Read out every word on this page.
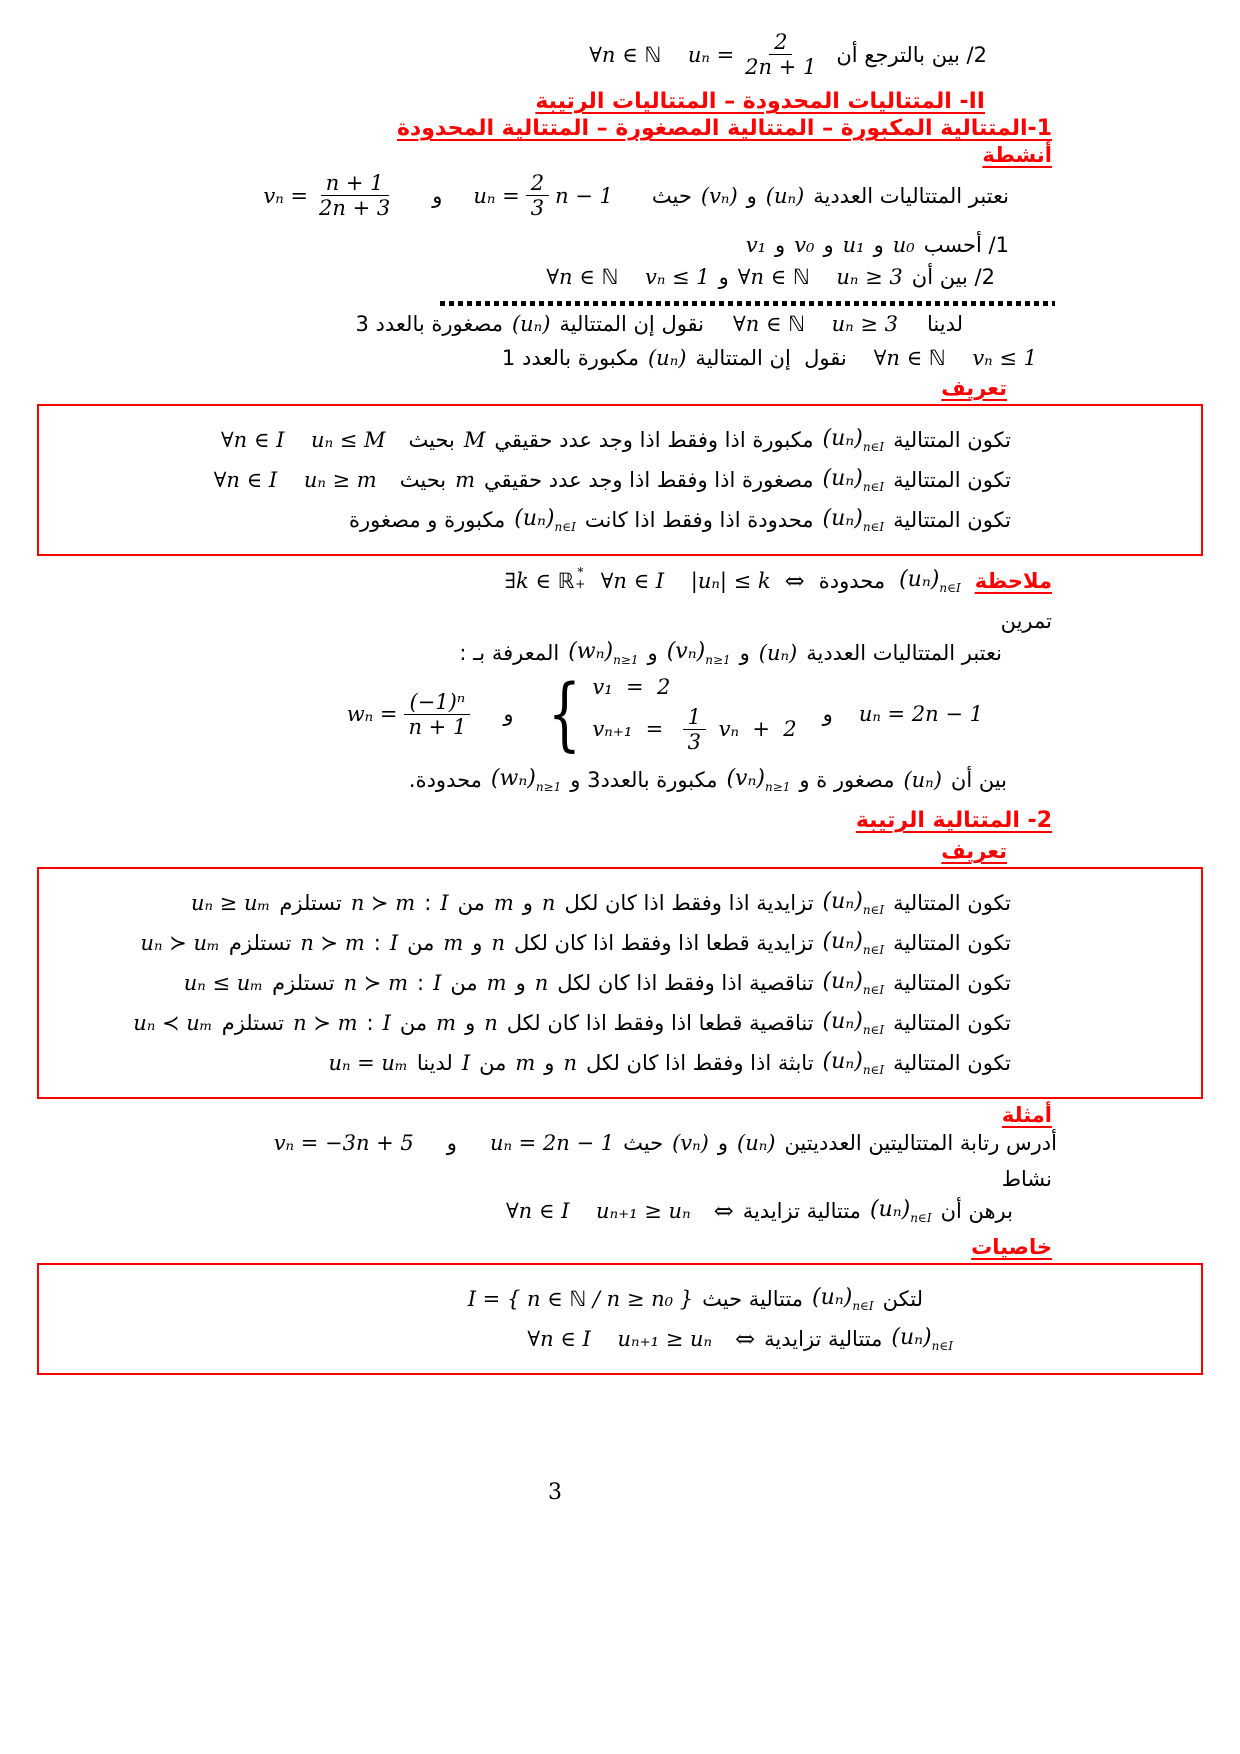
2/ بين بالترجع أن
∀n ∈ ℕ    $u_n = \frac{2}{2n + 1}$
II- المتتاليات المحدودة – المتتاليات الرتيبة
1-المتتالية المكبورة – المتتالية المصغورة – المتتالية المحدودة
أنشطة
نعتبر المتتاليات العددية
(uₙ)
و
(vₙ)
حيث
$u_n = \frac{2}{3}$ n − 1
و
$v_n = \frac{n + 1}{2n + 3}$
1/ أحسب
u₀
و
u₁
و
v₀
و
v₁
2/ بين أن
∀n ∈ ℕ    uₙ ≥ 3
و
∀n ∈ ℕ    vₙ ≤ 1
لدينا
∀n ∈ ℕ    uₙ ≥ 3
نقول إن المتتالية
(uₙ)
مصغورة بالعدد 3
∀n ∈ ℕ    vₙ ≤ 1
نقول  إن المتتالية
(uₙ)
مكبورة بالعدد 1
تعريف
تكون المتتالية
$(u_n)_{n\in I}$
مكبورة اذا وفقط اذا وجد عدد حقيقي
M
بحيث
∀n ∈ I    uₙ ≤ M
تكون المتتالية
$(u_n)_{n\in I}$
مصغورة اذا وفقط اذا وجد عدد حقيقي
m
بحيث
∀n ∈ I    uₙ ≥ m
تكون المتتالية
$(u_n)_{n\in I}$
محدودة اذا وفقط اذا كانت
$(u_n)_{n\in I}$
مكبورة و مصغورة
ملاحظة
$(u_n)_{n\in I}$
محدودة
⇔
∃k ∈ ℝ *
+ ∀n ∈ I    |uₙ| ≤ k
تمرين
نعتبر المتتاليات العددية
(uₙ)
و
$(v_n)_{n\ge 1}$
و
$(w_n)_{n\ge 1}$
المعرفة بـ :
uₙ = 2n − 1
و
{ v₁  =  2
$v_{n+1} = \frac{1}{3}$ vₙ  +  2
و
$w_n = \frac{\text{(−1)ⁿ}}{n + 1}$
بين أن
(uₙ)
مصغور ة و
$(v_n)_{n\ge 1}$
مكبورة بالعدد3 و
$(w_n)_{n\ge 1}$
محدودة.
2- المتتالية الرتيبة
تعريف
تكون المتتالية
$(u_n)_{n\in I}$
تزايدية اذا وفقط اذا كان لكل
n
و
m
من
I
:
n ≻ m
تستلزم
uₙ ≥ uₘ
تكون المتتالية
$(u_n)_{n\in I}$
تزايدية قطعا اذا وفقط اذا كان لكل
n
و
m
من
I
:
n ≻ m
تستلزم
uₙ ≻ uₘ
تكون المتتالية
$(u_n)_{n\in I}$
تناقصية اذا وفقط اذا كان لكل
n
و
m
من
I
:
n ≻ m
تستلزم
uₙ ≤ uₘ
تكون المتتالية
$(u_n)_{n\in I}$
تناقصية قطعا اذا وفقط اذا كان لكل
n
و
m
من
I
:
n ≻ m
تستلزم
uₙ ≺ uₘ
تكون المتتالية
$(u_n)_{n\in I}$
تابثة اذا وفقط اذا كان لكل
n
و
m
من
I
لدينا
uₙ = uₘ
أمثلة
أدرس رتابة المتتاليتين العدديتين
(uₙ)
و
(vₙ)
حيث
uₙ = 2n − 1
و
vₙ = −3n + 5
نشاط
برهن أن
$(u_n)_{n\in I}$
متتالية تزايدية
⇔
∀n ∈ I    uₙ₊₁ ≥ uₙ
خاصيات
لتكن
$(u_n)_{n\in I}$
متتالية حيث
I = { n ∈ ℕ / n ≥ n₀ }
$(u_n)_{n\in I}$
متتالية تزايدية
⇔
∀n ∈ I    uₙ₊₁ ≥ uₙ
3
